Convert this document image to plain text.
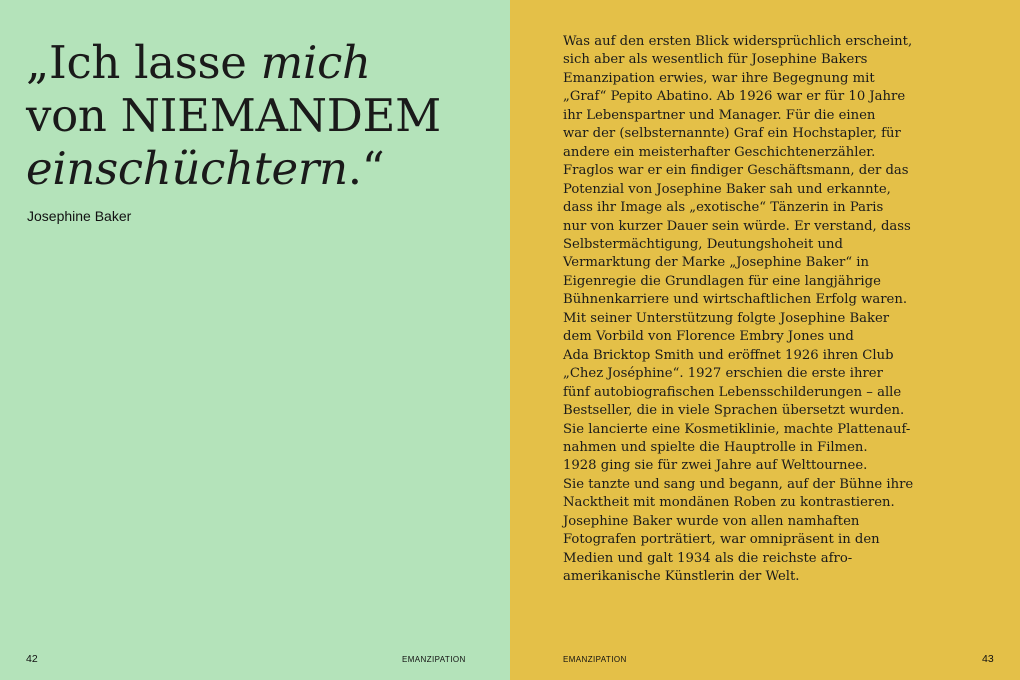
„Ich lasse mich
von NIEMANDEM
einschüchtern.“
Josephine Baker
42	EMANZIPATION
Was auf den ersten Blick widersprüchlich erscheint,
sich aber als wesentlich für Josephine Bakers
Emanzipation erwies, war ihre Begegnung mit
„Graf“ Pepito Abatino. Ab 1926 war er für 10 Jahre
ihr Lebenspartner und Manager. Für die einen
war der (selbsternannte) Graf ein Hochstapler, für
andere ein meisterhafter Geschichtenerzähler.
Fraglos war er ein findiger Geschäftsmann, der das
Potenzial von Josephine Baker sah und erkannte,
dass ihr Image als „exotische“ Tänzerin in Paris
nur von kurzer Dauer sein würde. Er verstand, dass
Selbstermächtigung, Deutungshoheit und
Vermarktung der Marke „Josephine Baker“ in
Eigenregie die Grundlagen für eine langjährige
Bühnenkarriere und wirtschaftlichen Erfolg waren.
Mit seiner Unterstützung folgte Josephine Baker
dem Vorbild von Florence Embry Jones und
Ada Bricktop Smith und eröffnet 1926 ihren Club
„Chez Joséphine“. 1927 erschien die erste ihrer
fünf autobiografischen Lebensschilderungen – alle
Bestseller, die in viele Sprachen übersetzt wurden.
Sie lancierte eine Kosmetiklinie, machte Plattenauf-
nahmen und spielte die Hauptrolle in Filmen.
1928 ging sie für zwei Jahre auf Welttournee.
Sie tanzte und sang und begann, auf der Bühne ihre
Nacktheit mit mondänen Roben zu kontrastieren.
Josephine Baker wurde von allen namhaften
Fotografen porträtiert, war omnipräsent in den
Medien und galt 1934 als die reichste afro-
amerikanische Künstlerin der Welt.
EMANZIPATION	43
